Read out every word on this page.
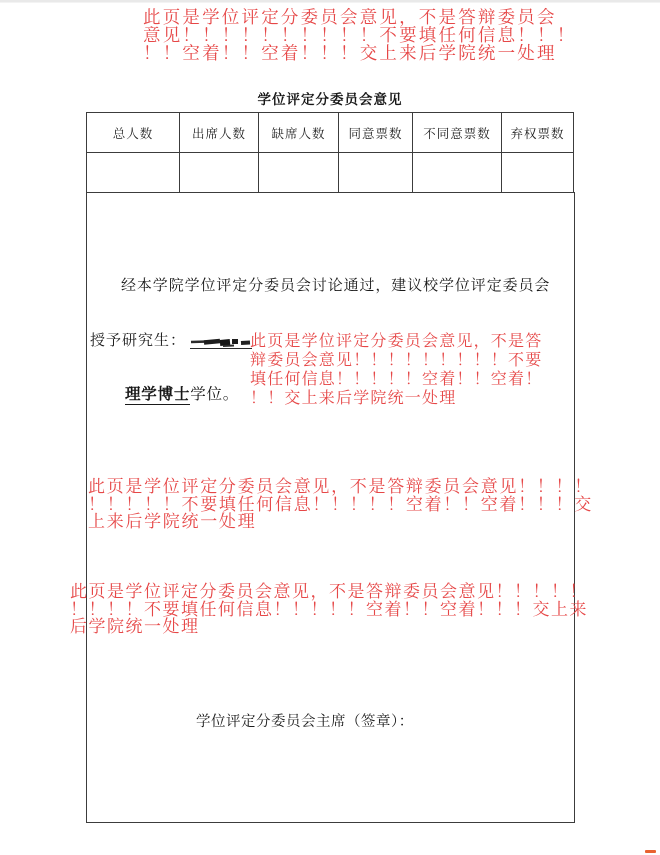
此页是学位评定分委员会意见，不是答辩委员会
意见！！！！！！！！！！不要填任何信息！！！
！！空着！！空着！！！交上来后学院统一处理
学位评定分委员会意见
总人数	出席人数	缺席人数	同意票数	不同意票数	弃权票数
经本学院学位评定分委员会讨论通过，建议校学位评定委员会
授予研究生：
理学博士学位。
此页是学位评定分委员会意见，不是答
辩委员会意见！！！！！！！！！不要
填任何信息！！！！！空着！！空着！
！！交上来后学院统一处理
此页是学位评定分委员会意见，不是答辩委员会意见！！！！
！！！！！不要填任何信息！！！！！空着！！空着！！！交
上来后学院统一处理
此页是学位评定分委员会意见，不是答辩委员会意见！！！！！
！！！！不要填任何信息！！！！！空着！！空着！！！交上来
后学院统一处理
学位评定分委员会主席（签章）：
